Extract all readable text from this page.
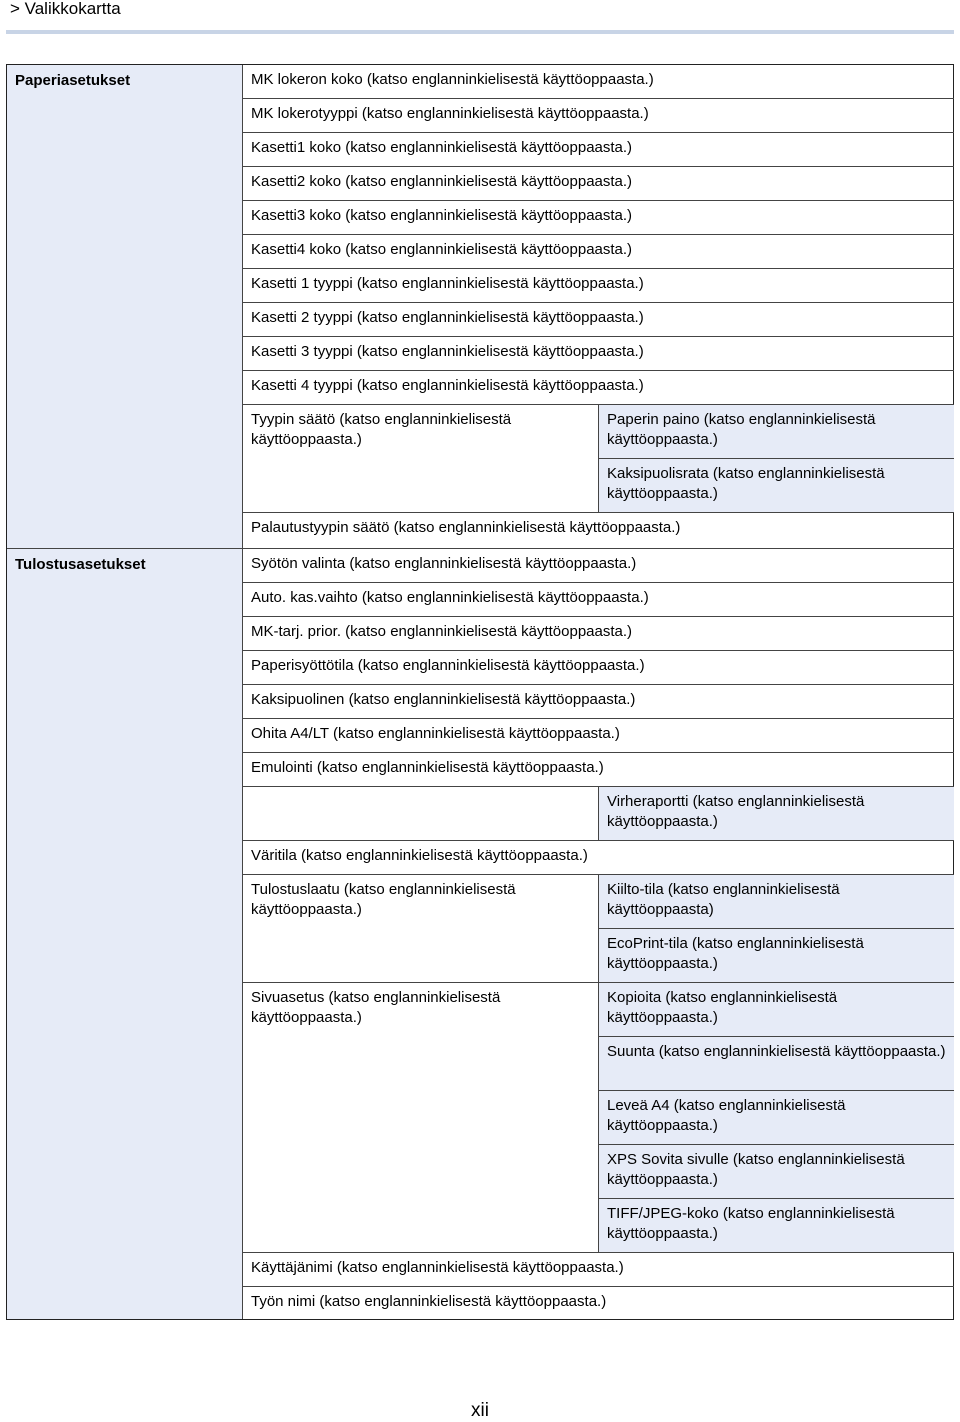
> Valikkokartta
Paperiasetukset
Tulostusasetukset
MK lokeron koko (katso englanninkielisestä käyttöoppaasta.)
MK lokerotyyppi (katso englanninkielisestä käyttöoppaasta.)
Kasetti1 koko (katso englanninkielisestä käyttöoppaasta.)
Kasetti2 koko (katso englanninkielisestä käyttöoppaasta.)
Kasetti3 koko (katso englanninkielisestä käyttöoppaasta.)
Kasetti4 koko (katso englanninkielisestä käyttöoppaasta.)
Kasetti 1 tyyppi (katso englanninkielisestä käyttöoppaasta.)
Kasetti 2 tyyppi (katso englanninkielisestä käyttöoppaasta.)
Kasetti 3 tyyppi (katso englanninkielisestä käyttöoppaasta.)
Kasetti 4 tyyppi (katso englanninkielisestä käyttöoppaasta.)
Tyypin säätö (katso englanninkielisestä käyttöoppaasta.)
Paperin paino (katso englanninkielisestä käyttöoppaasta.)
Kaksipuolisrata (katso englanninkielisestä käyttöoppaasta.)
Palautustyypin säätö (katso englanninkielisestä käyttöoppaasta.)
Syötön valinta (katso englanninkielisestä käyttöoppaasta.)
Auto. kas.vaihto (katso englanninkielisestä käyttöoppaasta.)
MK-tarj. prior. (katso englanninkielisestä käyttöoppaasta.)
Paperisyöttötila (katso englanninkielisestä käyttöoppaasta.)
Kaksipuolinen (katso englanninkielisestä käyttöoppaasta.)
Ohita A4/LT (katso englanninkielisestä käyttöoppaasta.)
Emulointi (katso englanninkielisestä käyttöoppaasta.)
Virheraportti (katso englanninkielisestä käyttöoppaasta.)
Väritila (katso englanninkielisestä käyttöoppaasta.)
Tulostuslaatu (katso englanninkielisestä käyttöoppaasta.)
Kiilto-tila (katso englanninkielisestä käyttöoppaasta)
EcoPrint-tila (katso englanninkielisestä käyttöoppaasta.)
Sivuasetus (katso englanninkielisestä käyttöoppaasta.)
Kopioita (katso englanninkielisestä käyttöoppaasta.)
Suunta (katso englanninkielisestä käyttöoppaasta.)
Leveä A4 (katso englanninkielisestä käyttöoppaasta.)
XPS Sovita sivulle (katso englanninkielisestä käyttöoppaasta.)
TIFF/JPEG-koko (katso englanninkielisestä käyttöoppaasta.)
Käyttäjänimi (katso englanninkielisestä käyttöoppaasta.)
Työn nimi (katso englanninkielisestä käyttöoppaasta.)
xii
